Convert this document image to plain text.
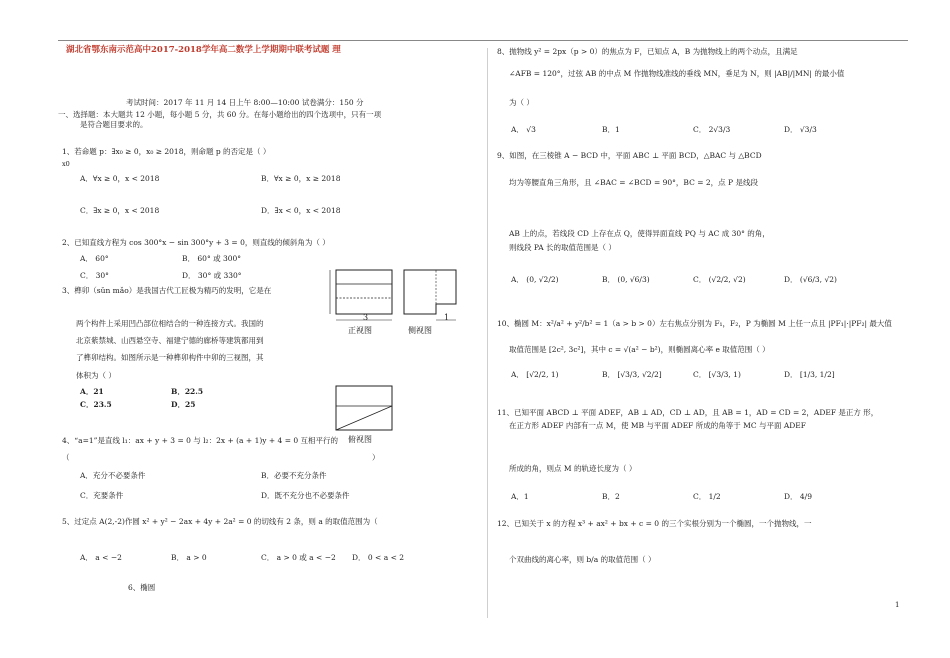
湖北省鄂东南示范高中2017-2018学年高二数学上学期期中联考试题 理
考试时间：2017 年 11 月 14 日上午 8:00—10:00 试卷满分：150 分
一、选择题：本大题共 12 小题，每小题 5 分，共 60 分。在每小题给出的四个选项中，只有一项
是符合题目要求的。
1、若命题 p：∃x₀ ≥ 0，x₀ ≥ 2018，则命题 p 的否定是（ ）
x0
A．∀x ≥ 0，x < 2018	B．∀x ≥ 0，x ≥ 2018
C．∃x ≥ 0，x < 2018	D．∃x < 0，x < 2018
2、已知直线方程为 cos 300°x − sin 300°y + 3 = 0，则直线的倾斜角为（ ）
A． 60°	B． 60° 或 300°
C． 30°	D． 30° 或 330°
3、榫卯（sǔn mǎo）是我国古代工匠极为精巧的发明，它是在
两个构件上采用凹凸部位相结合的一种连接方式。我国的
北京紫禁城、山西悬空寺、福建宁德的廊桥等建筑都用到
了榫卯结构。如图所示是一种榫卯构件中卯的三视图，其
体积为（ ）
A．21	B．22.5
C．23.5	D．25
3	1
正视图	侧视图
俯视图
4、“a=1”是直线 l₁：ax + y + 3 = 0 与 l₂：2x + (a + 1)y + 4 = 0 互相平行的
（	）
A．充分不必要条件	B．必要不充分条件
C．充要条件	D．既不充分也不必要条件
5、过定点 A(2,-2)作圆 x² + y² − 2ax + 4y + 2a² = 0 的切线有 2 条，则 a 的取值范围为（
A． a < −2	B． a > 0	C． a > 0 或 a < −2 D． 0 < a < 2
6、椭圆
8、抛物线 y² = 2px（p > 0）的焦点为 F，已知点 A，B 为抛物线上的两个动点，且满足
∠AFB = 120°，过弦 AB 的中点 M 作抛物线准线的垂线 MN，垂足为 N，则 |AB|/|MN| 的最小值
为（ ）
A． √3	B．1	C． 2√3/3	D． √3/3
9、如图，在三棱锥 A − BCD 中，平面 ABC ⊥ 平面 BCD，△BAC 与 △BCD
均为等腰直角三角形，且 ∠BAC = ∠BCD = 90°，BC = 2，点 P 是线段
AB 上的点，若线段 CD 上存在点 Q，使得异面直线 PQ 与 AC 成 30° 的角，
则线段 PA 长的取值范围是（ ）
A． (0, √2/2)	B． (0, √6/3)	C． (√2/2, √2)	D． (√6/3, √2)
10、椭圆 M：x²/a² + y²/b² = 1（a > b > 0）左右焦点分别为 F₁，F₂，P 为椭圆 M 上任一点且 |PF₁|·|PF₂| 最大值
取值范围是 [2c², 3c²]，其中 c = √(a² − b²)，则椭圆离心率 e 取值范围（ ）
A． [√2/2, 1)	B． [√3/3, √2/2]	C． [√3/3, 1)	D． [1/3, 1/2]
11、已知平面 ABCD ⊥ 平面 ADEF，AB ⊥ AD，CD ⊥ AD，且 AB = 1，AD = CD = 2，ADEF 是正方 形，
在正方形 ADEF 内部有一点 M，使 MB 与平面 ADEF 所成的角等于 MC 与平面 ADEF
所成的角，则点 M 的轨迹长度为（ ）
A．1	B．2	C． 1/2	D． 4/9
12、已知关于 x 的方程 x³ + ax² + bx + c = 0 的三个实根分别为一个椭圆，一个抛物线，一
个双曲线的离心率，则 b/a 的取值范围（ ）
1
